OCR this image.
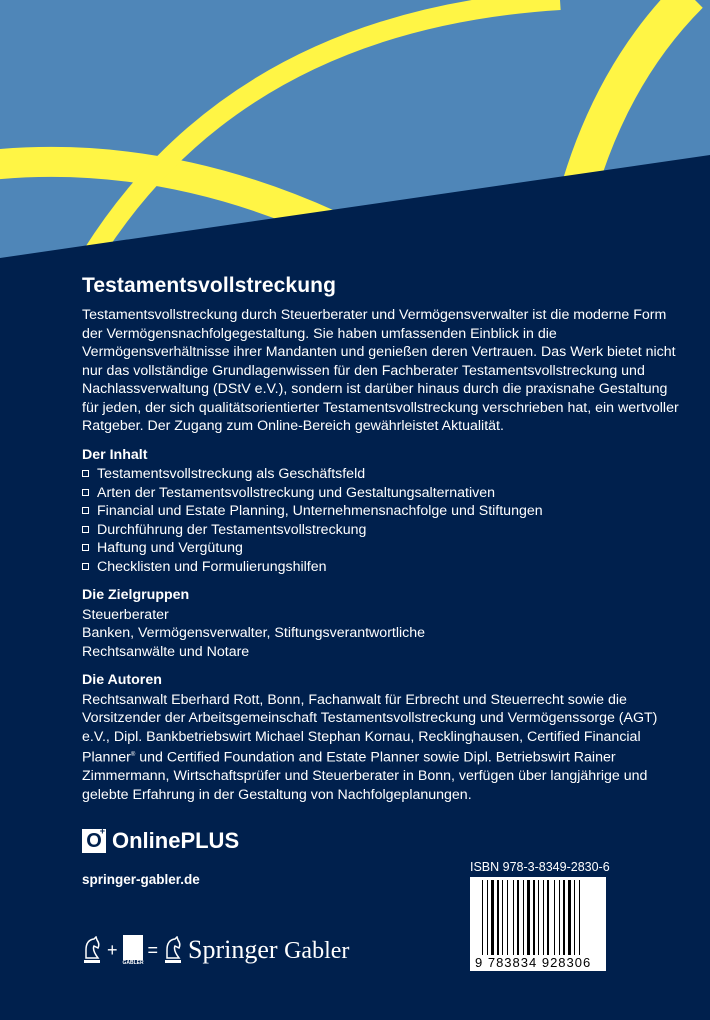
Testamentsvollstreckung

Testamentsvollstreckung durch Steuerberater und Vermögensverwalter ist die moderne Form der Vermögensnachfolgegestaltung. Sie haben umfassenden Einblick in die Vermögensverhältnisse ihrer Mandanten und genießen deren Vertrauen. Das Werk bietet nicht nur das vollständige Grundlagenwissen für den Fachberater Testamentsvollstreckung und Nachlassverwaltung (DStV e.V.), sondern ist darüber hinaus durch die praxisnahe Gestaltung für jeden, der sich qualitätsorientierter Testamentsvollstreckung verschrieben hat, ein wertvoller Ratgeber. Der Zugang zum Online-Bereich gewährleistet Aktualität.

Der Inhalt
Testamentsvollstreckung als Geschäftsfeld
Arten der Testamentsvollstreckung und Gestaltungsalternativen
Financial und Estate Planning, Unternehmensnachfolge und Stiftungen
Durchführung der Testamentsvollstreckung
Haftung und Vergütung
Checklisten und Formulierungshilfen
Die Zielgruppen
Steuerberater
Banken, Vermögensverwalter, Stiftungsverantwortliche
Rechtsanwälte und Notare
Die Autoren

Rechtsanwalt Eberhard Rott, Bonn, Fachanwalt für Erbrecht und Steuerrecht sowie die Vorsitzender der Arbeitsgemeinschaft Testamentsvollstreckung und Vermögenssorge (AGT) e.V., Dipl. Bankbetriebswirt Michael Stephan Kornau, Recklinghausen, Certified Financial Planner® und Certified Foundation and Estate Planner sowie Dipl. Betriebswirt Rainer Zimmermann, Wirtschaftsprüfer und Steuerberater in Bonn, verfügen über langjährige und gelebte Erfahrung in der Gestaltung von Nachfolgeplanungen.

O
+ OnlinePLUS
springer-gabler.de
+
GABLER
= Springer Gabler
ISBN 978-3-8349-2830-6
9 783834 928306
